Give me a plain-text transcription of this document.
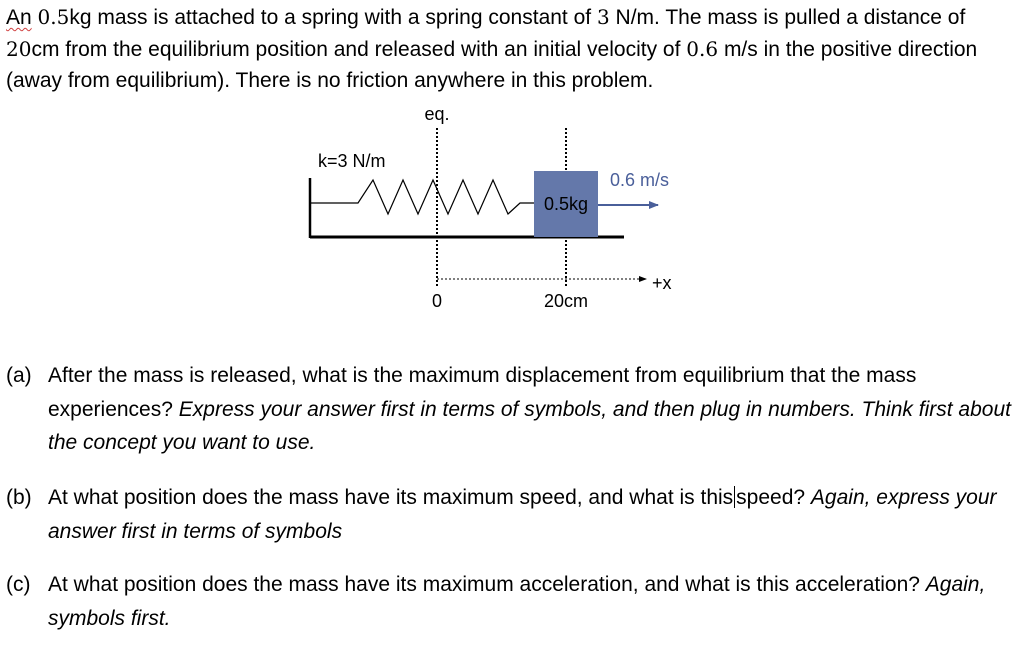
An 0.5kg mass is attached to a spring with a spring constant of 3 N/m. The mass is pulled a distance of 20cm from the equilibrium position and released with an initial velocity of 0.6 m/s in the positive direction (away from equilibrium). There is no friction anywhere in this problem.

eq.
k=3 N/m
0.5kg
0.6 m/s
+x
0	20cm
(a) After the mass is released, what is the maximum displacement from equilibrium that the mass experiences? Express your answer first in terms of symbols, and then plug in numbers. Think first about the concept you want to use.
(b) At what position does the mass have its maximum speed, and what is this speed? Again, express your answer first in terms of symbols
(c) At what position does the mass have its maximum acceleration, and what is this acceleration? Again, symbols first.
